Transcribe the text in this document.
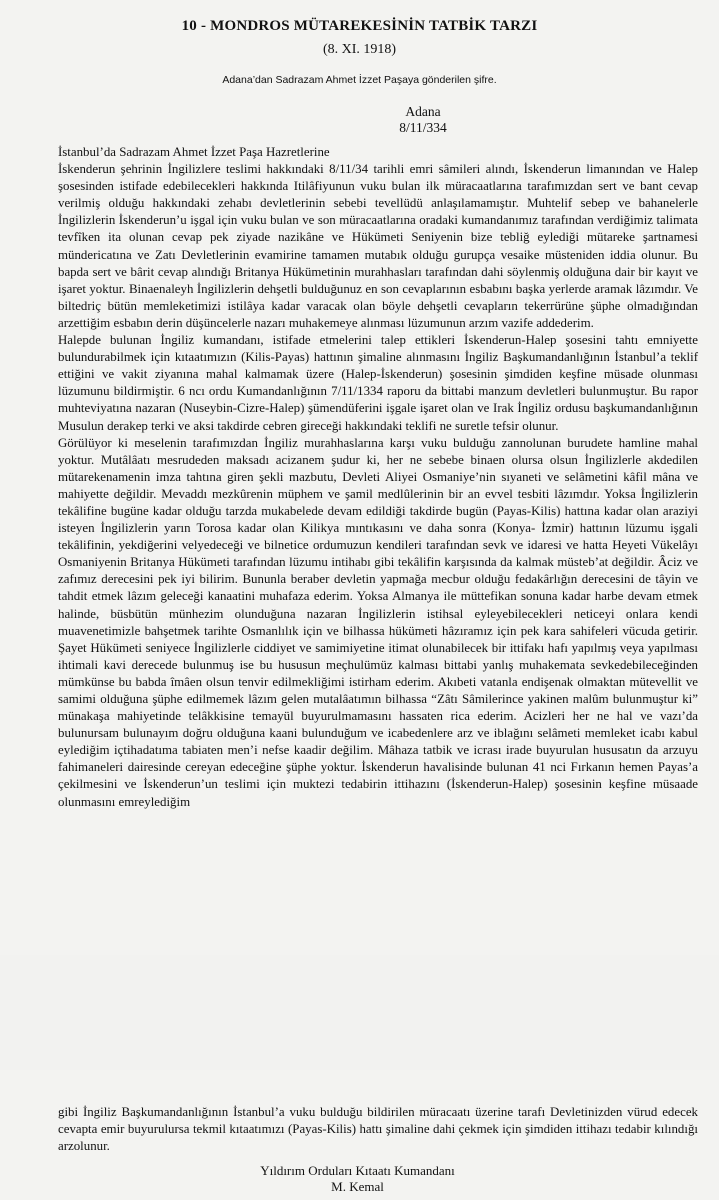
10 - MONDROS MÜTAREKESİNİN TATBİK TARZI
(8. XI. 1918)
Adana’dan Sadrazam Ahmet İzzet Paşaya gönderilen şifre.
Adana
8/11/334

İstanbul’da Sadrazam Ahmet İzzet Paşa Hazretlerine

İskenderun şehrinin İngilizlere teslimi hakkındaki 8/11/34 tarihli emri sâmileri alındı, İskenderun limanından ve Halep şosesinden istifade edebilecekleri hakkında Itilâfiyunun vuku bulan ilk müracaatlarına tarafımızdan sert ve bant cevap verilmiş olduğu hakkındaki zehabı devletlerinin sebebi tevellüdü anlaşılamamıştır. Muhtelif sebep ve bahanelerle İngilizlerin İskenderun’u işgal için vuku bulan ve son müracaatlarına oradaki kumandanımız tarafından verdiğimiz talimata tevfîken ita olunan cevap pek ziyade nazikâne ve Hükümeti Seniyenin bize tebliğ eylediği mütareke şartnamesi mündericatına ve Zatı Devletlerinin evamirine tamamen mutabık olduğu gurupça vesaike müsteniden iddia olunur. Bu bapda sert ve bârit cevap alındığı Britanya Hükümetinin murahhasları tarafından dahi söylenmiş olduğuna dair bir kayıt ve işaret yoktur. Binaenaleyh İngilizlerin dehşetli bulduğunuz en son cevaplarının esbabını başka yerlerde aramak lâzımdır. Ve biltedriç bütün memleketimizi istilâya kadar varacak olan böyle dehşetli cevapların tekerrürüne şüphe olmadığından arzettiğim esbabın derin düşüncelerle nazarı muhakemeye alınması lüzumunun arzım vazife addederim.

Halepde bulunan İngiliz kumandanı, istifade etmelerini talep ettikleri İskenderun-Halep şosesini tahtı emniyette bulundurabilmek için kıtaatımızın (Kilis-Payas) hattının şimaline alınmasını İngiliz Başkumandanlığının İstanbul’a teklif ettiğini ve vakit ziyanına mahal kalmamak üzere (Halep-İskenderun) şosesinin şimdiden keşfine müsade olunması lüzumunu bildirmiştir. 6 ncı ordu Kumandanlığının 7/11/1334 raporu da bittabi manzum devletleri bulunmuştur. Bu rapor muhteviyatına nazaran (Nuseybin-Cizre-Halep) şümendüferini işgale işaret olan ve Irak İngiliz ordusu başkumandanlığının Musulun derakep terki ve aksi takdirde cebren gireceği hakkındaki teklifi ne suretle tefsir olunur.

Görülüyor ki meselenin tarafımızdan İngiliz murahhaslarına karşı vuku bulduğu zannolunan burudete hamline mahal yoktur. Mutâlâatı mesrudeden maksadı acizanem şudur ki, her ne sebebe binaen olursa olsun İngilizlerle akdedilen mütarekenamenin imza tahtına giren şekli mazbutu, Devleti Aliyei Osmaniye’nin sıyaneti ve selâmetini kâfil mâna ve mahiyette değildir. Mevaddı mezkûrenin müphem ve şamil medlûlerinin bir an evvel tesbiti lâzımdır. Yoksa İngilizlerin tekâlifine bugüne kadar olduğu tarzda mukabelede devam edildiği takdirde bugün (Payas-Kilis) hattına kadar olan araziyi isteyen İngilizlerin yarın Torosa kadar olan Kilikya mıntıkasını ve daha sonra (Konya- İzmir) hattının lüzumu işgali tekâlifinin, yekdiğerini velyedeceği ve bilnetice ordumuzun kendileri tarafından sevk ve idaresi ve hatta Heyeti Vükelâyı Osmaniyenin Britanya Hükümeti tarafından lüzumu intihabı gibi tekâlifin karşısında da kalmak müsteb’at değildir. Âciz ve zafımız derecesini pek iyi bilirim. Bununla beraber devletin yapmağa mecbur olduğu fedakârlığın derecesini de tâyin ve tahdit etmek lâzım geleceği kanaatini muhafaza ederim. Yoksa Almanya ile müttefikan sonuna kadar harbe devam etmek halinde, büsbütün münhezim olunduğuna nazaran İngilizlerin istihsal eyleyebilecekleri neticeyi onlara kendi muavenetimizle bahşetmek tarihte Osmanlılık için ve bilhassa hükümeti hâzıramız için pek kara sahifeleri vücuda getirir. Şayet Hükümeti seniyece İngilizlerle ciddiyet ve samimiyetine itimat olunabilecek bir ittifakı hafı yapılmış veya yapılması ihtimali kavi derecede bulunmuş ise bu hususun meçhulümüz kalması bittabi yanlış muhakemata sevkedebileceğinden mümkünse bu babda îmâen olsun tenvir edilmekliğimi istirham ederim. Akıbeti vatanla endişenak olmaktan mütevellit ve samimi olduğuna şüphe edilmemek lâzım gelen mutalâatımın bilhassa “Zâtı Sâmilerince yakinen malûm bulunmuştur ki” münakaşa mahiyetinde telâkkisine temayül buyurulmamasını hassaten rica ederim. Acizleri her ne hal ve vazı’da bulunursam bulunayım doğru olduğuna kaani bulunduğum ve icabedenlere arz ve iblağını selâmeti memleket icabı kabul eylediğim içtihadatıma tabiaten men’i nefse kaadir değilim. Mâhaza tatbik ve icrası irade buyurulan hususatın da arzuyu fahimaneleri dairesinde cereyan edeceğine şüphe yoktur. İskenderun havalisinde bulunan 41 nci Fırkanın hemen Payas’a çekilmesini ve İskenderun’un teslimi için muktezi tedabirin ittihazını (İskenderun-Halep) şosesinin keşfine müsaade olunmasını emreylediğim

gibi İngiliz Başkumandanlığının İstanbul’a vuku bulduğu bildirilen müracaatı üzerine tarafı Devletinizden vürud edecek cevapta emir buyurulursa tekmil kıtaatımızı (Payas-Kilis) hattı şimaline dahi çekmek için şimdiden ittihazı tedabir kılındığı arzolunur.

Yıldırım Orduları Kıtaatı Kumandanı
M. Kemal
